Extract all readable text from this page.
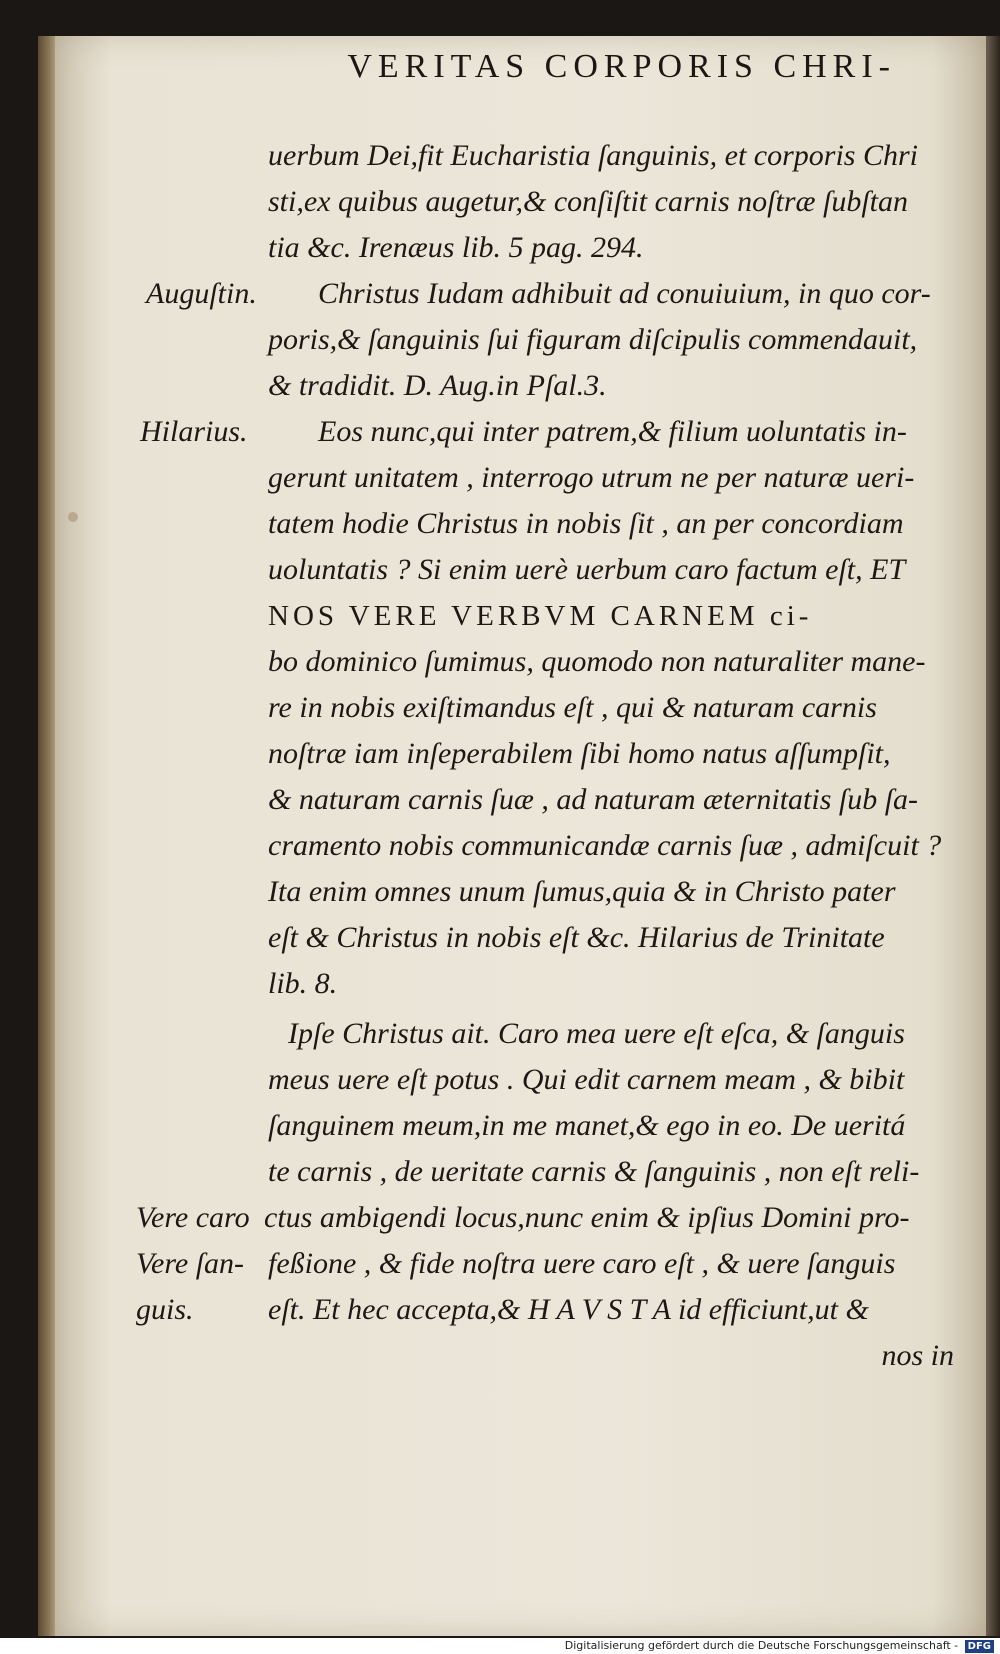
VERITAS CORPORIS CHRI-
uerbum Dei,fit Eucharistia ſanguinis, et corporis Chri
sti,ex quibus augetur,& conſiſtit carnis noſtræ ſubſtan
tia &c. Irenæus lib. 5 pag. 294.
Auguſtin. Christus Iudam adhibuit ad conuiuium, in quo cor-
poris,& ſanguinis ſui figuram diſcipulis commendauit,
& tradidit. D. Aug.in Pſal.3.
Hilarius. Eos nunc,qui inter patrem,& filium uoluntatis in-
gerunt unitatem , interrogo utrum ne per naturæ ueri-
tatem hodie Christus in nobis ſit , an per concordiam
uoluntatis ? Si enim uerè uerbum caro factum eſt, ET
NOS VERE VERBVM CARNEM ci-
bo dominico ſumimus, quomodo non naturaliter mane-
re in nobis exiſtimandus eſt , qui & naturam carnis
noſtræ iam inſeperabilem ſibi homo natus aſſumpſit,
& naturam carnis ſuæ , ad naturam æternitatis ſub ſa-
cramento nobis communicandæ carnis ſuæ , admiſcuit ?
Ita enim omnes unum ſumus,quia & in Christo pater
eſt & Christus in nobis eſt &c. Hilarius de Trinitate
lib. 8.
Ipſe Christus ait. Caro mea uere eſt eſca, & ſanguis
meus uere eſt potus . Qui edit carnem meam , & bibit
ſanguinem meum,in me manet,& ego in eo. De ueritá
te carnis , de ueritate carnis & ſanguinis , non eſt reli-
Vere caro ctus ambigendi locus,nunc enim & ipſius Domini pro-
Vere ſan- feßione , & fide noſtra uere caro eſt , & uere ſanguis
guis. eſt. Et hec accepta,& H A V S T A id efficiunt,ut &
nos in
Digitalisierung gefördert durch die Deutsche Forschungsgemeinschaft - DFG
